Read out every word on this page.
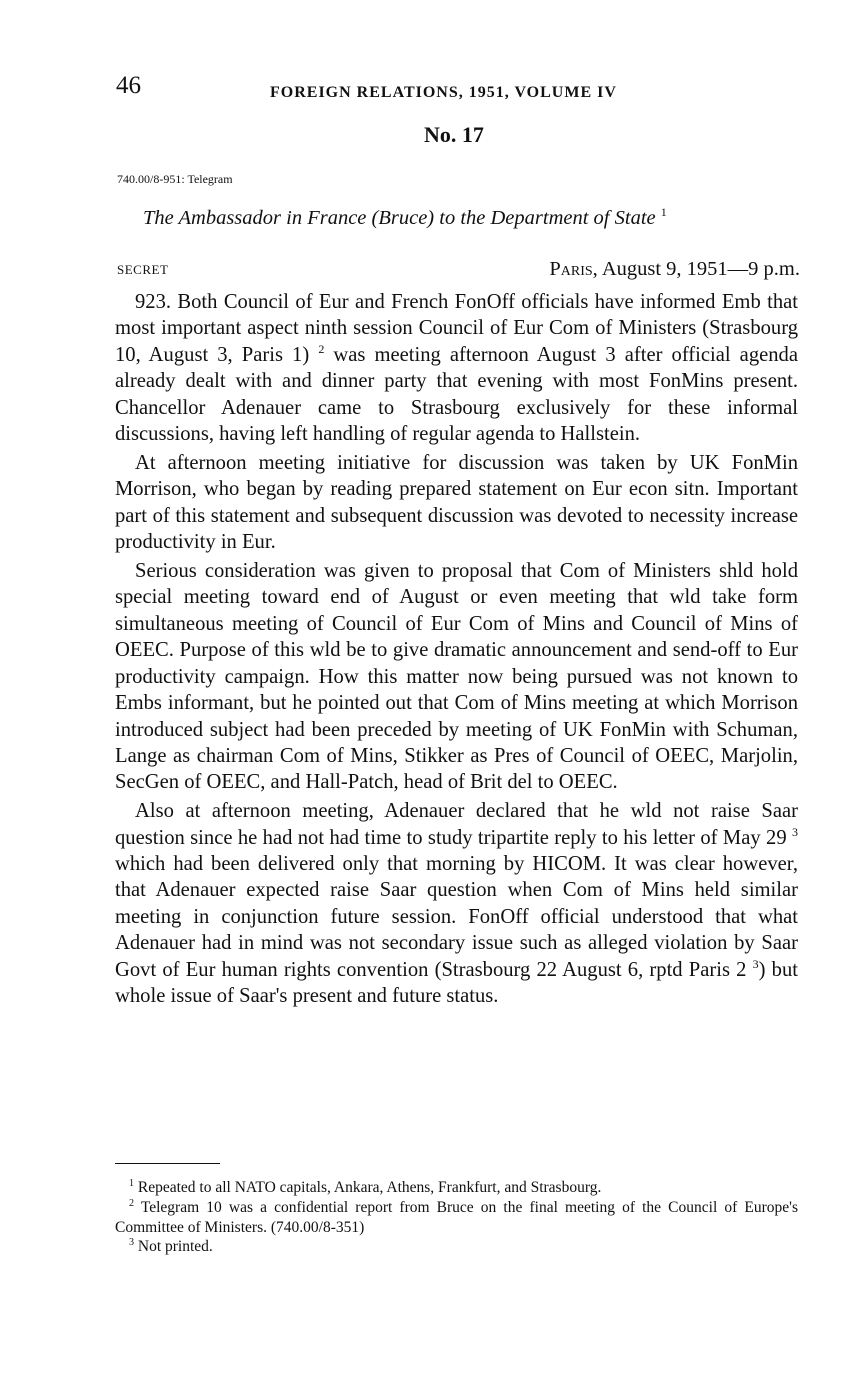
46	FOREIGN RELATIONS, 1951, VOLUME IV
No. 17
740.00/8-951: Telegram
The Ambassador in France (Bruce) to the Department of State $^1$
SECRET	Paris, August 9, 1951—9 p.m.

923. Both Council of Eur and French FonOff officials have informed Emb that most important aspect ninth session Council of Eur Com of Ministers (Strasbourg 10, August 3, Paris 1) $^2$ was meeting afternoon August 3 after official agenda already dealt with and dinner party that evening with most FonMins present. Chancellor Adenauer came to Strasbourg exclusively for these informal discussions, having left handling of regular agenda to Hallstein.

At afternoon meeting initiative for discussion was taken by UK FonMin Morrison, who began by reading prepared statement on Eur econ sitn. Important part of this statement and subsequent discussion was devoted to necessity increase productivity in Eur.

Serious consideration was given to proposal that Com of Ministers shld hold special meeting toward end of August or even meeting that wld take form simultaneous meeting of Council of Eur Com of Mins and Council of Mins of OEEC. Purpose of this wld be to give dramatic announcement and send-off to Eur productivity campaign. How this matter now being pursued was not known to Embs informant, but he pointed out that Com of Mins meeting at which Morrison introduced subject had been preceded by meeting of UK FonMin with Schuman, Lange as chairman Com of Mins, Stikker as Pres of Council of OEEC, Marjolin, SecGen of OEEC, and Hall-Patch, head of Brit del to OEEC.

Also at afternoon meeting, Adenauer declared that he wld not raise Saar question since he had not had time to study tripartite reply to his letter of May 29 $^3$ which had been delivered only that morning by HICOM. It was clear however, that Adenauer expected raise Saar question when Com of Mins held similar meeting in conjunction future session. FonOff official understood that what Adenauer had in mind was not secondary issue such as alleged violation by Saar Govt of Eur human rights convention (Strasbourg 22 August 6, rptd Paris 2 $^3$) but whole issue of Saar's present and future status.

$^1$ Repeated to all NATO capitals, Ankara, Athens, Frankfurt, and Strasbourg.

$^2$ Telegram 10 was a confidential report from Bruce on the final meeting of the Council of Europe's Committee of Ministers. (740.00/8-351)

$^3$ Not printed.
